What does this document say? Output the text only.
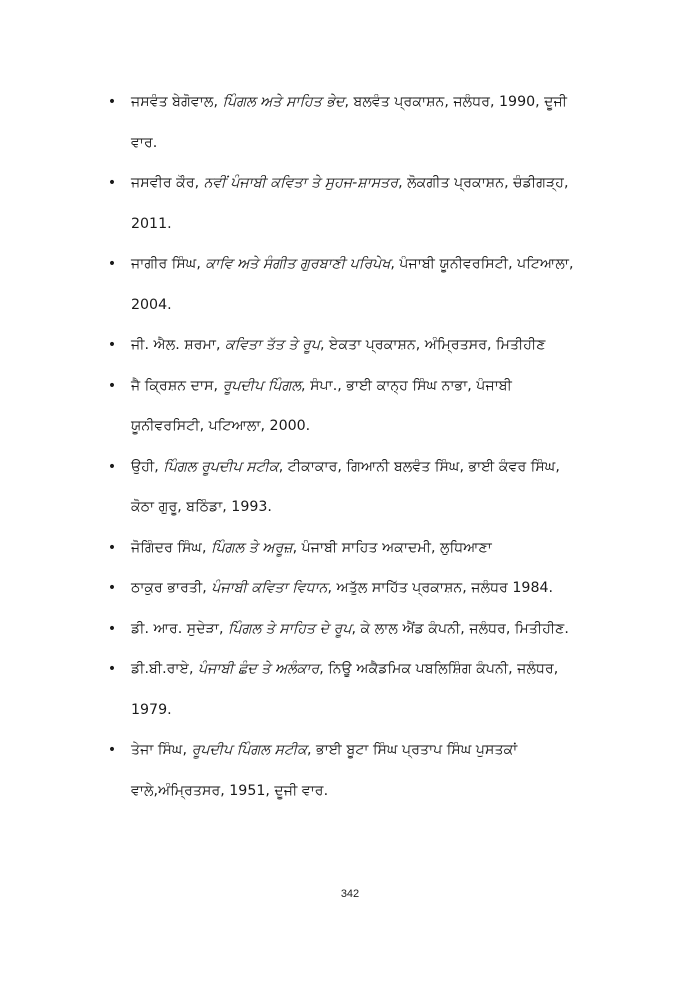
• ਜਸਵੰਤ ਬੇਗੋਵਾਲ, ਪਿੰਗਲ ਅਤੇ ਸਾਹਿਤ ਭੇਦ, ਬਲਵੰਤ ਪ੍ਰਕਾਸ਼ਨ, ਜਲੰਧਰ, 1990, ਦੂਜੀ ਵਾਰ.
• ਜਸਵੀਰ ਕੌਰ, ਨਵੀਂ ਪੰਜਾਬੀ ਕਵਿਤਾ ਤੇ ਸੁਹਜ-ਸ਼ਾਸਤਰ, ਲੋਕਗੀਤ ਪ੍ਰਕਾਸ਼ਨ, ਚੰਡੀਗੜ੍ਹ, 2011.
• ਜਾਗੀਰ ਸਿੰਘ, ਕਾਵਿ ਅਤੇ ਸੰਗੀਤ ਗੁਰਬਾਣੀ ਪਰਿਪੇਖ, ਪੰਜਾਬੀ ਯੂਨੀਵਰਸਿਟੀ, ਪਟਿਆਲਾ, 2004.
• ਜੀ. ਐਲ. ਸ਼ਰਮਾ, ਕਵਿਤਾ ਤੱਤ ਤੇ ਰੂਪ, ਏਕਤਾ ਪ੍ਰਕਾਸ਼ਨ, ਅੰਮ੍ਰਿਤਸਰ, ਮਿਤੀਹੀਣ
• ਜੈ ਕ੍ਰਿਸ਼ਨ ਦਾਸ, ਰੂਪਦੀਪ ਪਿੰਗਲ, ਸੰਪਾ., ਭਾਈ ਕਾਨ੍ਹ ਸਿੰਘ ਨਾਭਾ, ਪੰਜਾਬੀ ਯੂਨੀਵਰਸਿਟੀ, ਪਟਿਆਲਾ, 2000.
• ਉਹੀ, ਪਿੰਗਲ ਰੂਪਦੀਪ ਸਟੀਕ, ਟੀਕਾਕਾਰ, ਗਿਆਨੀ ਬਲਵੰਤ ਸਿੰਘ, ਭਾਈ ਕੰਵਰ ਸਿੰਘ, ਕੋਠਾ ਗੁਰੂ, ਬਠਿੰਡਾ, 1993.
• ਜੋਗਿੰਦਰ ਸਿੰਘ, ਪਿੰਗਲ ਤੇ ਅਰੂਜ਼, ਪੰਜਾਬੀ ਸਾਹਿਤ ਅਕਾਦਮੀ, ਲੁਧਿਆਣਾ
• ਠਾਕੁਰ ਭਾਰਤੀ, ਪੰਜਾਬੀ ਕਵਿਤਾ ਵਿਧਾਨ, ਅਤੁੱਲ ਸਾਹਿੱਤ ਪ੍ਰਕਾਸ਼ਨ, ਜਲੰਧਰ 1984.
• ਡੀ. ਆਰ. ਸੁਦੇੜਾ, ਪਿੰਗਲ ਤੇ ਸਾਹਿਤ ਦੇ ਰੂਪ, ਕੇ ਲਾਲ ਐਂਡ ਕੰਪਨੀ, ਜਲੰਧਰ, ਮਿਤੀਹੀਣ.
• ਡੀ.ਬੀ.ਰਾਏ, ਪੰਜਾਬੀ ਛੰਦ ਤੇ ਅਲੰਕਾਰ, ਨਿਊ ਅਕੈਡਮਿਕ ਪਬਲਿਸ਼ਿੰਗ ਕੰਪਨੀ, ਜਲੰਧਰ, 1979.
• ਤੇਜਾ ਸਿੰਘ, ਰੂਪਦੀਪ ਪਿੰਗਲ ਸਟੀਕ, ਭਾਈ ਬੂਟਾ ਸਿੰਘ ਪ੍ਰਤਾਪ ਸਿੰਘ ਪੁਸਤਕਾਂ ਵਾਲੇ,ਅੰਮ੍ਰਿਤਸਰ, 1951, ਦੂਜੀ ਵਾਰ.
342
